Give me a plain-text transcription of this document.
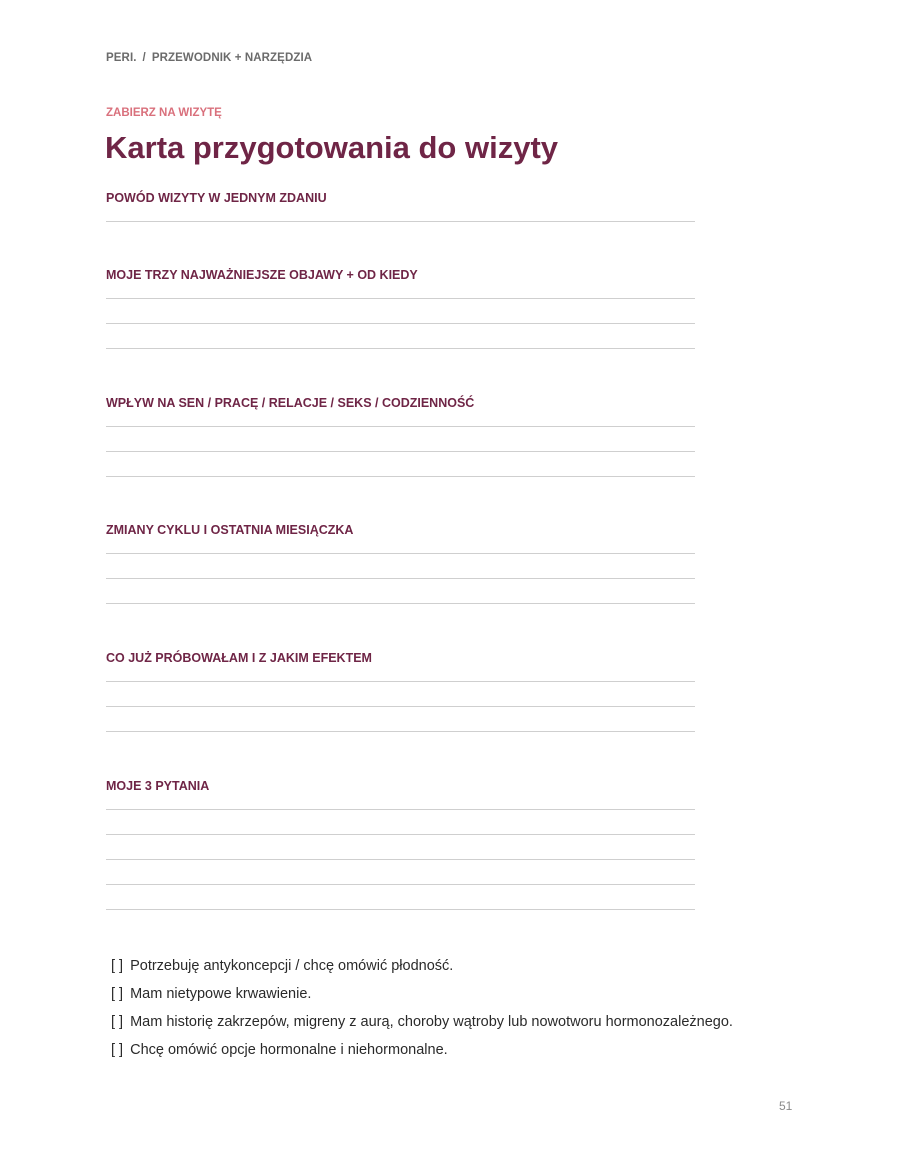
PERI. / PRZEWODNIK + NARZĘDZIA
ZABIERZ NA WIZYTĘ
Karta przygotowania do wizyty
POWÓD WIZYTY W JEDNYM ZDANIU
MOJE TRZY NAJWAŻNIEJSZE OBJAWY + OD KIEDY
WPŁYW NA SEN / PRACĘ / RELACJE / SEKS / CODZIENNOŚĆ
ZMIANY CYKLU I OSTATNIA MIESIĄCZKA
CO JUŻ PRÓBOWAŁAM I Z JAKIM EFEKTEM
MOJE 3 PYTANIA
[ ] Potrzebuję antykoncepcji / chcę omówić płodność.
[ ] Mam nietypowe krwawienie.
[ ] Mam historię zakrzepów, migreny z aurą, choroby wątroby lub nowotworu hormonozależnego.
[ ] Chcę omówić opcje hormonalne i niehormonalne.
51
